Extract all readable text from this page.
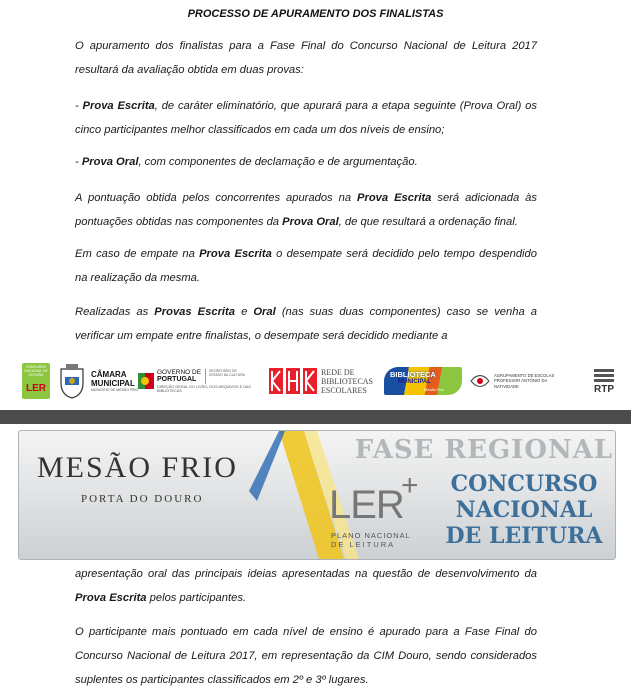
PROCESSO DE APURAMENTO DOS FINALISTAS

O apuramento dos finalistas para a Fase Final do Concurso Nacional de Leitura 2017 resultará da avaliação obtida em duas provas:

- Prova Escrita, de caráter eliminatório, que apurará para a etapa seguinte (Prova Oral) os cinco participantes melhor classificados em cada um dos níveis de ensino;

- Prova Oral, com componentes de declamação e de argumentação.

A pontuação obtida pelos concorrentes apurados na Prova Escrita será adicionada às pontuações obtidas nas componentes da Prova Oral, de que resultará a ordenação final.

Em caso de empate na Prova Escrita o desempate será decidido pelo tempo despendido na realização da mesma.

Realizadas as Provas Escrita e Oral (nas suas duas componentes) caso se venha a verificar um empate entre finalistas, o desempate será decidido mediante a

CONCURSO NACIONAL DE LEITURA
LER
CÂMARA
MUNICIPAL
MUNICÍPIO DE MESÃO FRIO
GOVERNO DE
PORTUGAL
SECRETÁRIO DE ESTADO DA CULTURA
DIREÇÃO GERAL DO LIVRO, DOS ARQUIVOS E DAS BIBLIOTECAS
REDE DE
BIBLIOTECAS
ESCOLARES
BIBLIOTECA
MUNICIPAL
Mesão Frio
AGRUPAMENTO DE ESCOLAS
PROFESSOR ANTÓNIO DA
NATIVIDADE	RTP
MESÃO FRIO
PORTA DO DOURO	LER
+
PLANO NACIONAL
DE LEITURA
FASE REGIONAL
CONCURSO
NACIONAL
DE LEITURA

apresentação oral das principais ideias apresentadas na questão de desenvolvimento da Prova Escrita pelos participantes.

O participante mais pontuado em cada nível de ensino é apurado para a Fase Final do Concurso Nacional de Leitura 2017, em representação da CIM Douro, sendo considerados suplentes os participantes classificados em 2º e 3º lugares.
